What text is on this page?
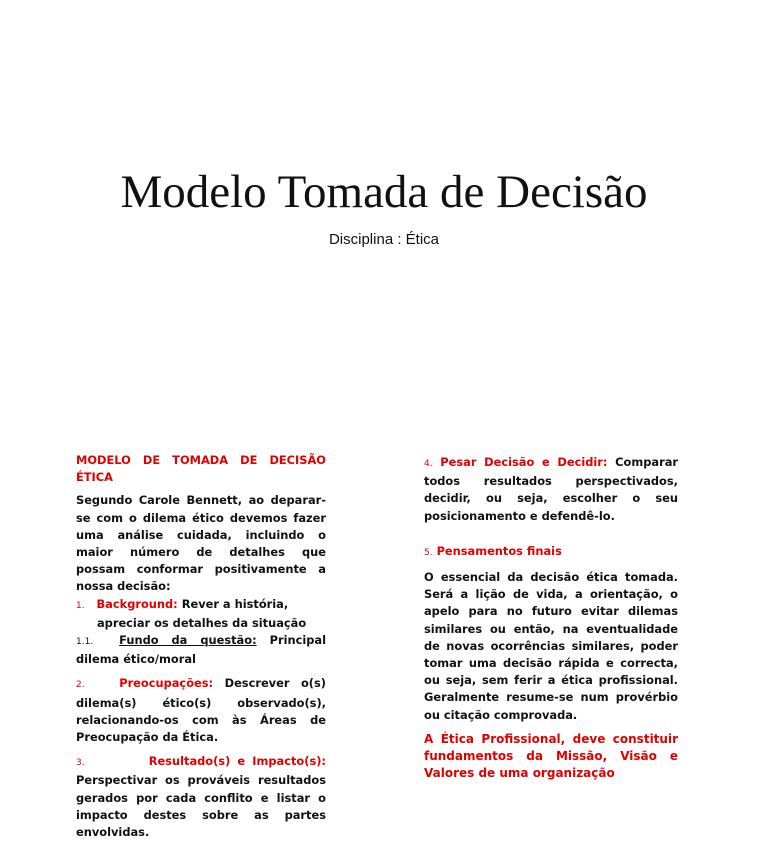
Modelo Tomada de Decisão
Disciplina : Ética
MODELO DE TOMADA DE DECISÃO ÉTICA
Segundo Carole Bennett, ao deparar-se com o dilema ético devemos fazer uma análise cuidada, incluindo o maior número de detalhes que possam conformar positivamente a nossa decisão:
1. Background: Rever a história,
apreciar os detalhes da situação
1.1. Fundo da questão: Principal dilema ético/moral
2.	Preocupações: Descrever o(s) dilema(s) ético(s) observado(s), relacionando-os com às Áreas de Preocupação da Ética.
3.	Resultado(s) e Impacto(s): Perspectivar os prováveis resultados gerados por cada conflito e listar o impacto destes sobre as partes envolvidas.
4. Pesar Decisão e Decidir: Comparar todos resultados perspectivados, decidir, ou seja, escolher o seu posicionamento e defendê-lo.
5. Pensamentos finais
O essencial da decisão ética tomada. Será a lição de vida, a orientação, o apelo para no futuro evitar dilemas similares ou então, na eventualidade de novas ocorrências similares, poder tomar uma decisão rápida e correcta, ou seja, sem ferir a ética profissional. Geralmente resume-se num provérbio ou citação comprovada.
A Ética Profissional, deve constituir fundamentos da Missão, Visão e Valores de uma organização
